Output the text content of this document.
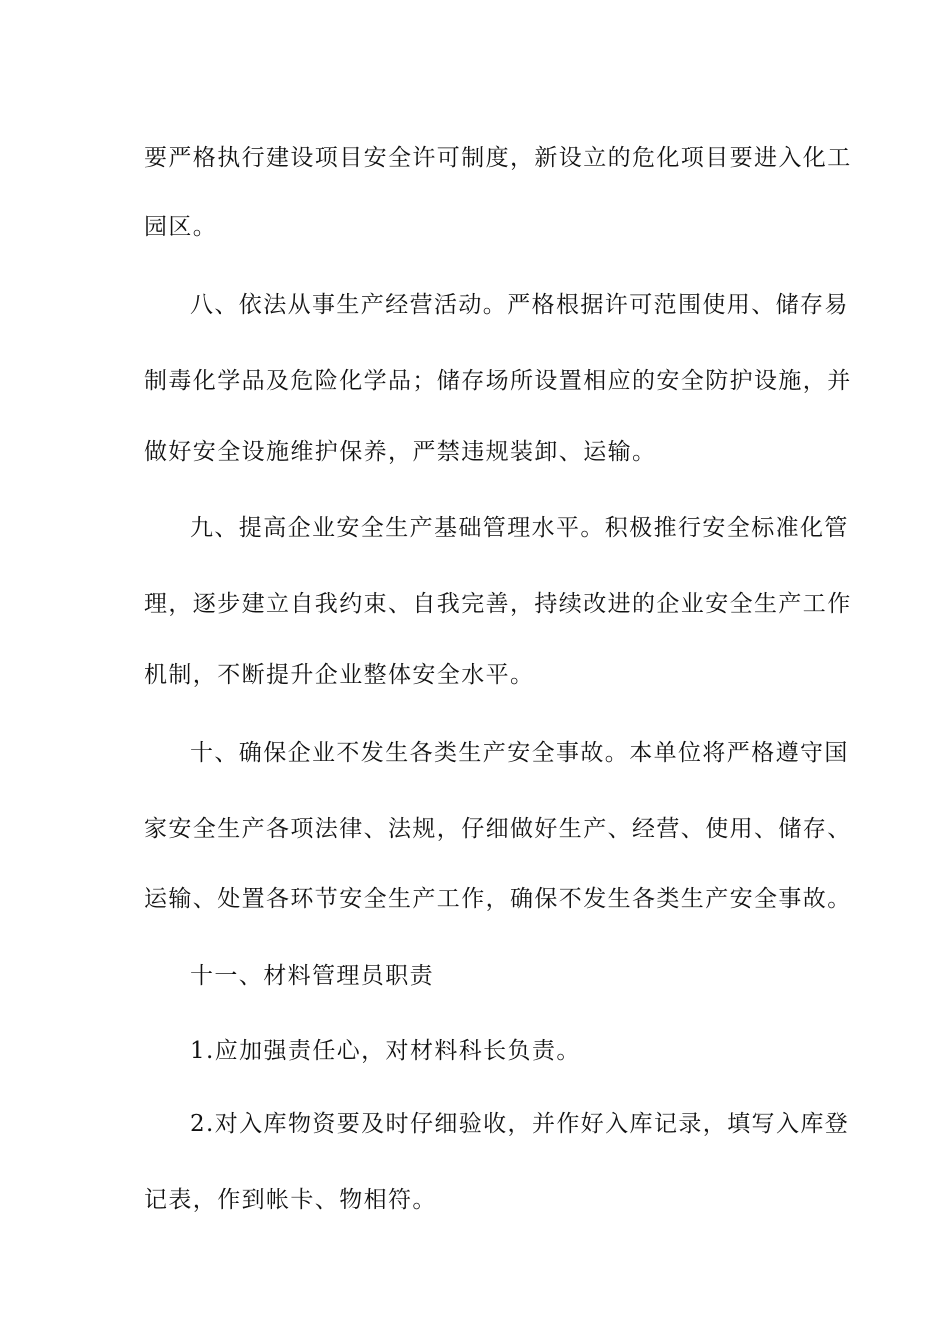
要严格执行建设项目安全许可制度，新设立的危化项目要进入化工
园区。
八、依法从事生产经营活动。严格根据许可范围使用、储存易
制毒化学品及危险化学品；储存场所设置相应的安全防护设施，并
做好安全设施维护保养，严禁违规装卸、运输。
九、提高企业安全生产基础管理水平。积极推行安全标准化管
理，逐步建立自我约束、自我完善，持续改进的企业安全生产工作
机制，不断提升企业整体安全水平。
十、确保企业不发生各类生产安全事故。本单位将严格遵守国
家安全生产各项法律、法规，仔细做好生产、经营、使用、储存、
运输、处置各环节安全生产工作，确保不发生各类生产安全事故。
十一、材料管理员职责
1.应加强责任心，对材料科长负责。
2.对入库物资要及时仔细验收，并作好入库记录，填写入库登
记表，作到帐卡、物相符。
